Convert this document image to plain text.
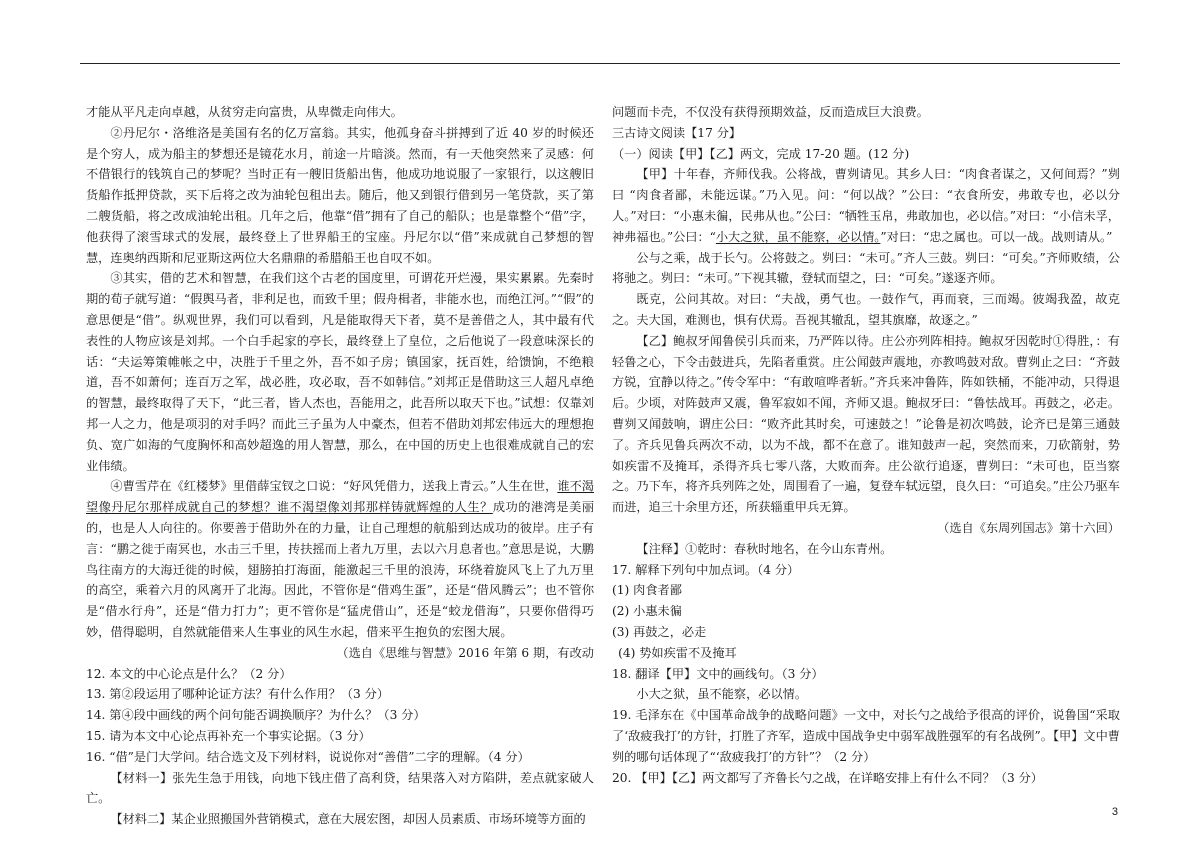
才能从平凡走向卓越，从贫穷走向富贵，从卑微走向伟大。

②丹尼尔・洛维洛是美国有名的亿万富翁。其实，他孤身奋斗拼搏到了近 40 岁的时候还是个穷人，成为船主的梦想还是镜花水月，前途一片暗淡。然而，有一天他突然来了灵感：何不借银行的钱筑自己的梦呢？当时正有一艘旧货船出售，他成功地说服了一家银行，以这艘旧货船作抵押贷款，买下后将之改为油轮包租出去。随后，他又到银行借到另一笔贷款，买了第二艘货船，将之改成油轮出租。几年之后，他靠“借”拥有了自己的船队；也是靠整个“借”字，他获得了滚雪球式的发展，最终登上了世界船王的宝座。丹尼尔以“借”来成就自己梦想的智慧，连奥纳西斯和尼亚斯这两位大名鼎鼎的希腊船王也自叹不如。

③其实，借的艺术和智慧，在我们这个古老的国度里，可谓花开烂漫，果实累累。先秦时期的荀子就写道：“假舆马者，非利足也，而致千里；假舟楫者，非能水也，而绝江河。”“假”的意思便是“借”。纵观世界，我们可以看到，凡是能取得天下者，莫不是善借之人，其中最有代表性的人物应该是刘邦。一个白手起家的亭长，最终登上了皇位，之后他说了一段意味深长的话：“夫运筹策帷帐之中，决胜于千里之外，吾不如子房；镇国家，抚百姓，给馈饷，不绝粮道，吾不如萧何；连百万之军，战必胜，攻必取，吾不如韩信。”刘邦正是借助这三人超凡卓绝的智慧，最终取得了天下，“此三者，皆人杰也，吾能用之，此吾所以取天下也。”试想：仅靠刘邦一人之力，他是项羽的对手吗？而此三子虽为人中豪杰，但若不借助刘邦宏伟远大的理想抱负、宽广如海的气度胸怀和高妙超逸的用人智慧，那么，在中国的历史上也很难成就自己的宏业伟绩。

④曹雪芹在《红楼梦》里借薛宝钗之口说：“好风凭借力，送我上青云。”人生在世，谁不渴望像丹尼尔那样成就自己的梦想？谁不渴望像刘邦那样铸就辉煌的人生？成功的港湾是美丽的，也是人人向往的。你要善于借助外在的力量，让自己理想的航船到达成功的彼岸。庄子有言：“鹏之徙于南冥也，水击三千里，抟扶摇而上者九万里，去以六月息者也。”意思是说，大鹏鸟往南方的大海迁徙的时候，翅膀拍打海面，能激起三千里的浪涛，环绕着旋风飞上了九万里的高空，乘着六月的风离开了北海。因此，不管你是“借鸡生蛋”，还是“借风腾云”；也不管你是“借水行舟”，还是“借力打力”；更不管你是“猛虎借山”，还是“蛟龙借海”，只要你借得巧妙，借得聪明，自然就能借来人生事业的风生水起，借来平生抱负的宏图大展。

（选自《思维与智慧》2016 年第 6 期，有改动

12. 本文的中心论点是什么？（2 分）

13. 第②段运用了哪种论证方法？有什么作用？（3 分）

14. 第④段中画线的两个问句能否调换顺序？为什么？（3 分）

15. 请为本文中心论点再补充一个事实论据。（3 分）

16. “借”是门大学问。结合选文及下列材料，说说你对“善借”二字的理解。（4 分）

【材料一】张先生急于用钱，向地下钱庄借了高利贷，结果落入对方陷阱，差点就家破人亡。

【材料二】某企业照搬国外营销模式，意在大展宏图，却因人员素质、市场环境等方面的

问题而卡壳，不仅没有获得预期效益，反而造成巨大浪费。

三古诗文阅读【17 分】

（一）阅读【甲】【乙】两文，完成 17-20 题。(12 分)

【甲】十年春，齐师伐我。公将战，曹刿请见。其乡人曰：“肉食者谋之，又何间焉？”刿曰 “肉食者鄙，未能远谋。”乃入见。问：“何以战？”公曰：“衣食所安，弗敢专也，必以分人。”对曰：“小惠未徧，民弗从也。”公曰：“牺牲玉帛，弗敢加也，必以信。”对曰：“小信未孚，神弗福也。”公曰：“小大之狱，虽不能察，必以情。”对曰：“忠之属也。可以一战。战则请从。”

公与之乘，战于长勺。公将鼓之。刿曰：“未可。”齐人三鼓。刿曰：“可矣。”齐师败绩，公将驰之。刿曰：“未可。”下视其辙，登轼而望之，曰：“可矣。”遂逐齐师。

既克，公问其故。对曰：“夫战，勇气也。一鼓作气，再而衰，三而竭。彼竭我盈，故克之。夫大国，难测也，惧有伏焉。吾视其辙乱，望其旗靡，故逐之。”

【乙】鲍叔牙闻鲁侯引兵而来，乃严阵以待。庄公亦列阵相持。鲍叔牙因乾时①得胜，：有轻鲁之心，下令击鼓进兵，先陷者重赏。庄公闻鼓声震地，亦教鸣鼓对敌。曹刿止之曰：“齐鼓方锐，宜静以待之。”传令军中：“有敢喧哗者斩。”齐兵来冲鲁阵，阵如铁桶，不能冲动，只得退后。少顷，对阵鼓声又震，鲁军寂如不闻，齐师又退。鲍叔牙曰：“鲁怯战耳。再鼓之，必走。曹刿又闻鼓响，谓庄公曰：“败齐此其时矣，可速鼓之！”论鲁是初次鸣鼓，论齐已是第三通鼓了。齐兵见鲁兵两次不动，以为不战，都不在意了。谁知鼓声一起，突然而来，刀砍箭射，势如疾雷不及掩耳，杀得齐兵七零八落，大败而奔。庄公欲行追逐，曹刿曰：“未可也，臣当察之。乃下车，将齐兵列阵之处，周围看了一遍，复登车轼远望，良久曰：“可追矣。”庄公乃驱车而进，追三十余里方还，所获辎重甲兵无算。

（选自《东周列国志》第十六回）

【注释】①乾时：春秋时地名，在今山东青州。

17. 解释下列句中加点词。（4 分）

(1) 肉食者鄙

(2) 小惠未徧

(3) 再鼓之，必走

(4) 势如疾雷不及掩耳

18. 翻译【甲】文中的画线句。（3 分）

小大之狱，虽不能察，必以情。

19. 毛泽东在《中国革命战争的战略问题》一文中，对长勺之战给予很高的评价，说鲁国“采取了‘敌疲我打’的方针，打胜了齐军，造成中国战争史中弱军战胜强军的有名战例”。【甲】文中曹刿的哪句话体现了“‘敌疲我打’的方针”？（2 分）

20. 【甲】【乙】两文都写了齐鲁长勺之战，在详略安排上有什么不同？（3 分）

3
